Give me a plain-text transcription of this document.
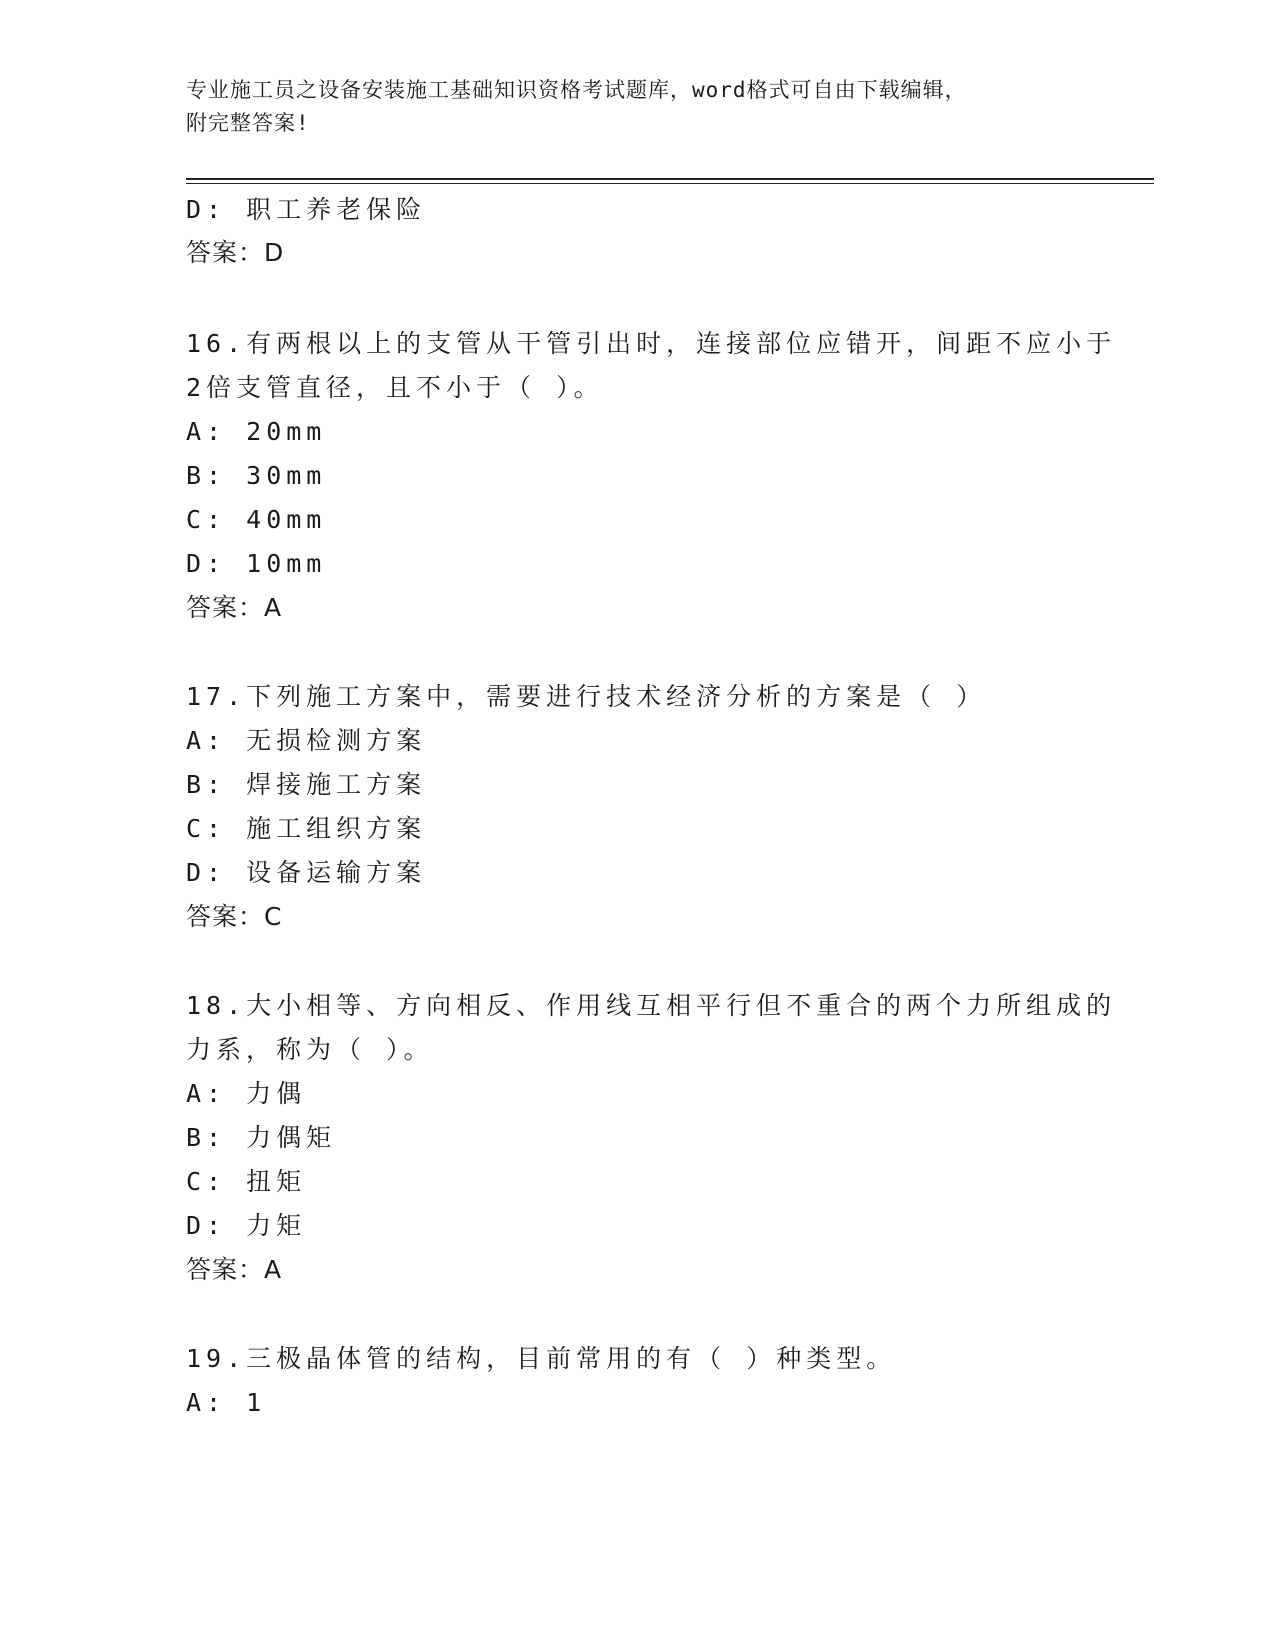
专业施工员之设备安装施工基础知识资格考试题库，word格式可自由下载编辑，
附完整答案!
D: 职工养老保险
答案：D
16.有两根以上的支管从干管引出时，连接部位应错开，间距不应小于
2倍支管直径，且不小于（ ）。
A: 20mm
B: 30mm
C: 40mm
D: 10mm
答案：A
17.下列施工方案中，需要进行技术经济分析的方案是（ ）
A: 无损检测方案
B: 焊接施工方案
C: 施工组织方案
D: 设备运输方案
答案：C
18.大小相等、方向相反、作用线互相平行但不重合的两个力所组成的
力系，称为（ ）。
A: 力偶
B: 力偶矩
C: 扭矩
D: 力矩
答案：A
19.三极晶体管的结构，目前常用的有（ ）种类型。
A: 1
